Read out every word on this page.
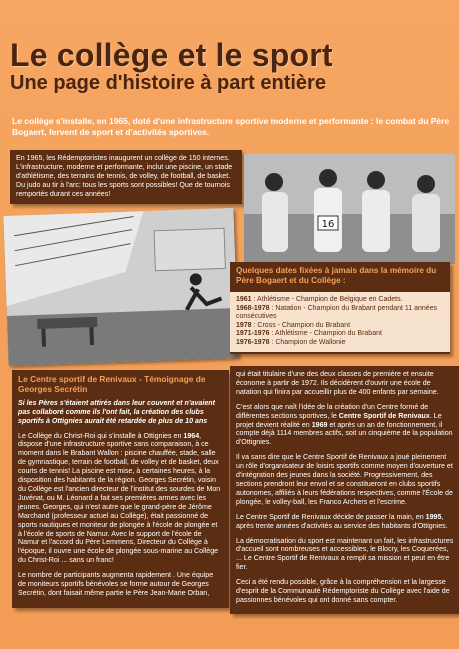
Le collège et le sport
Une page d'histoire à part entière
Le collège s'installe, en 1965, doté d'une infrastructure sportive moderne et performante : le combat du Père Bogaert, fervent de sport et d'activités sportives.
En 1965, les Rédemptoristes inaugurent un collège de 150 internes. L'infrastructure, moderne et performante, inclut une piscine, un stade d'athlétisme, des terrains de tennis, de volley, de football, de basket. Du judo au tir à l'arc: tous les sports sont possibles! Que de tournois remportés durant ces années!
16
Quelques dates fixées à jamais dans la mémoire du Père Bogaert et du Collège :
1961 : Athlétisme - Champion de Belgique en Cadets.
1968-1978 : Natation - Champion du Brabant pendant 11 années consécutives
1978 : Cross - Champion du Brabant
1971-1976 : Athlétisme - Champion du Brabant
1976-1978 : Champion de Wallonie
Le Centre sportif de Renivaux - Témoignage de Georges Secrétin

Si les Pères s'étaient attirés dans leur couvent et n'avaient pas collaboré comme ils l'ont fait, la création des clubs sportifs à Ottignies aurait été retardée de plus de 10 ans

Le Collège du Christ-Roi qui s'installe à Ottignies en 1964, dispose d'une infrastructure sportive sans comparaison, à ce moment dans le Brabant Wallon : piscine chauffée, stade, salle de gymnastique, terrain de football, de volley et de basket, deux courts de tennis! La piscine est mise, à certaines heures, à la disposition des habitants de la région. Georges Secrétin, voisin du Collège est l'ancien directeur de l'institut des sourdes de Mon Juvénat, ou M. Léonard a fait ses premières armes avec les jeunes. Georges, qui n'est autre que le grand-père de Jérôme Marchand (professeur actuel au Collège), était passionné de sports nautiques et moniteur de plongée à l'école de plongée et à l'école de sports de Namur. Avec le support de l'école de Namur et l'accord du Père Lemmens, Directeur du Collège à l'époque, il ouvre une école de plongée sous-marine au Collège du Christ-Roi ... sans un franc!

Le nombre de participants augmenta rapidement . Une équipe de moniteurs sportifs bénévoles se forme autour de Georges Secrétin, dont faisait même partie le Père Jean-Marie Orban,

qui était titulaire d'une des deux classes de première et ensuite économe à partir de 1972. Ils décidèrent d'ouvrir une école de natation qui finira par accueillir plus de 400 enfants par semaine.

C'est alors que naît l'idée de la création d'un Centre formé de différentes sections sportives, le Centre Sportif de Renivaux. Le projet devient réalité en 1969 et après un an de fonctionnement, il compte déjà 1114 membres actifs, soit un cinquième de la population d'Ottignies.

Il va sans dire que le Centre Sportif de Renivaux a joué pleinement un rôle d'organisateur de loisirs sportifs comme moyen d'ouverture et d'intégration des jeunes dans la société. Progressivement, des sections prendront leur envol et se constitueront en clubs sportifs autonomes, affiliés à leurs fédérations respectives, comme l'École de plongée, le volley-ball, les Franco Archers et l'escrime.

Le Centre Sportif de Renivaux décide de passer la main, en 1995, après trente années d'activités au service des habitants d'Ottignies.

La démocratisation du sport est maintenant un fait, les infrastructures d'accueil sont nombreuses et accessibles, le Blocry, les Coquerées, ... Le Centre Sportif de Renivaux a rempli sa mission et peut en être fier.

Ceci a été rendu possible, grâce à la compréhension et la largesse d'esprit de la Communauté Rédemptoriste du Collège avec l'aide de passionnes bénévoles qui ont donné sans compter.
